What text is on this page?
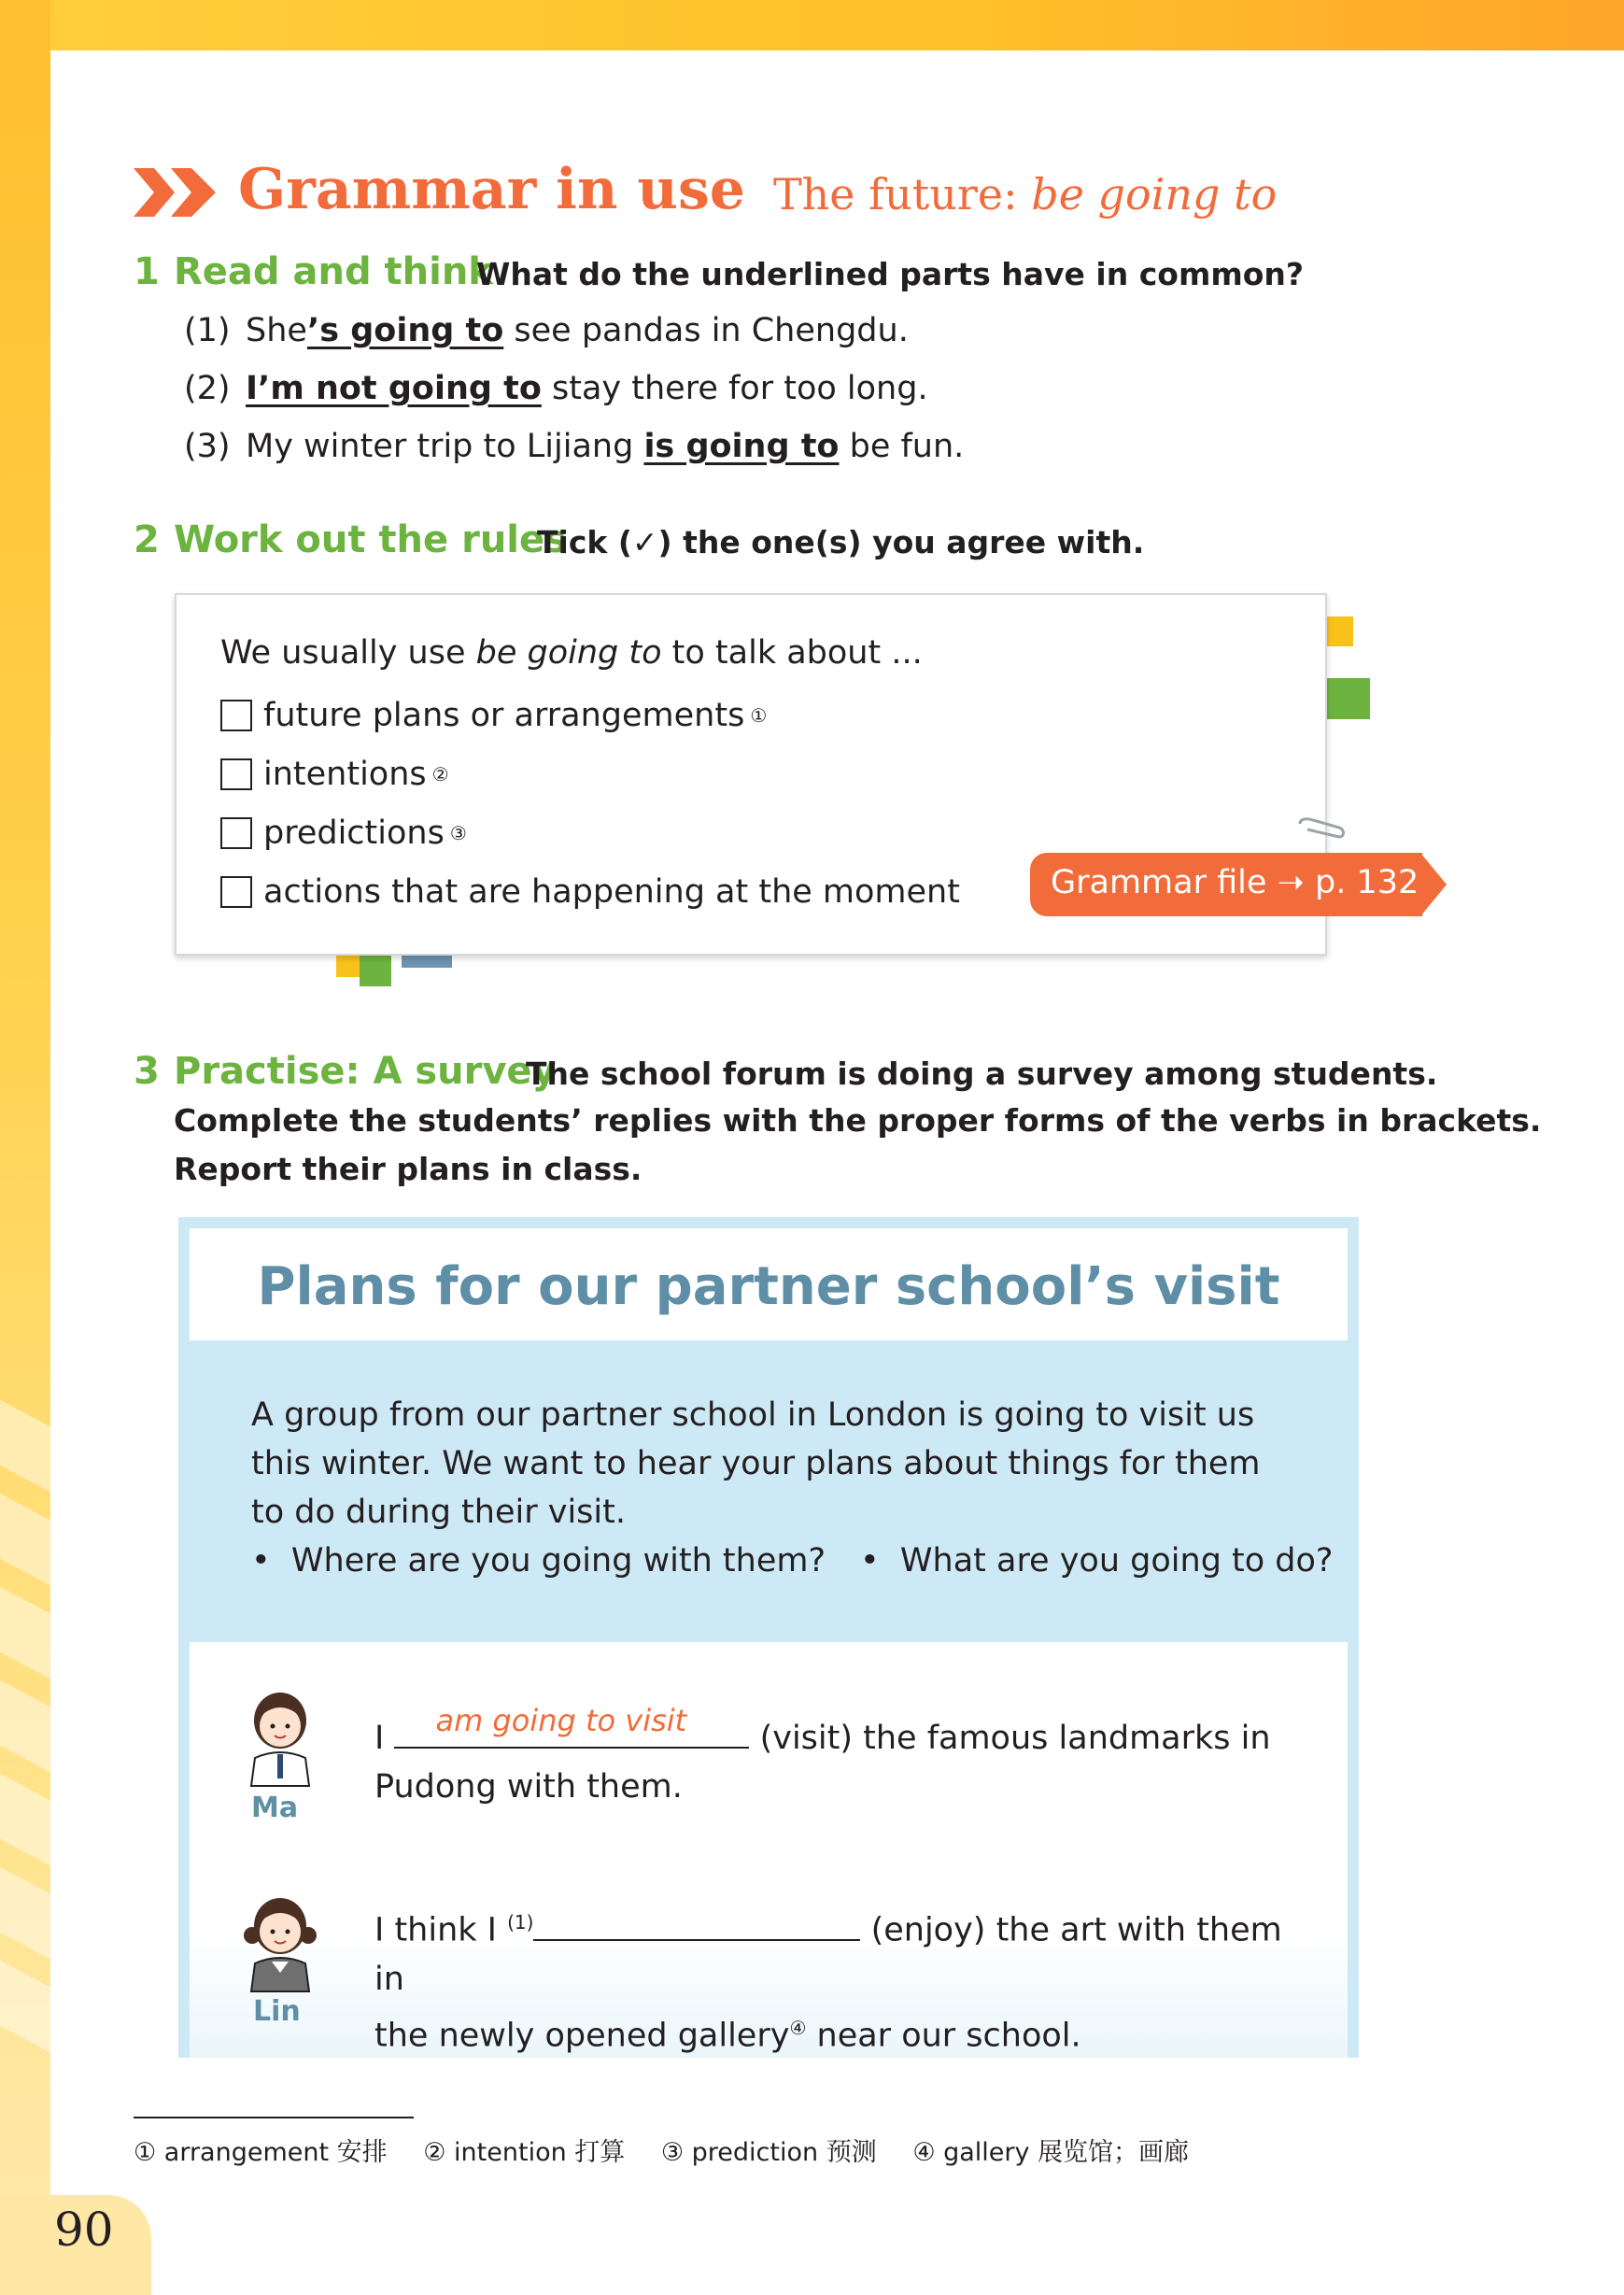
90
Grammar in use The future: be going to
1 Read and think
What do the underlined parts have in common?
(1) She’s going to see pandas in Chengdu.
(2) I’m not going to stay there for too long.
(3) My winter trip to Lijiang is going to be fun.
2 Work out the rules
Tick (✓) the one(s) you agree with.
We usually use be going to to talk about ...
future plans or arrangements ①
intentions ②
predictions ③
actions that are happening at the moment	Grammar file ➝ p. 132
3 Practise: A survey
The school forum is doing a survey among students.
Complete the students’ replies with the proper forms of the verbs in brackets.
Report their plans in class.
Plans for our partner school’s visit
A group from our partner school in London is going to visit us this winter. We want to hear your plans about things for them to do during their visit.
•  Where are you going with them? •  What are you going to do?
Ma
I am going to visit (visit) the famous landmarks in
Pudong with them.
Lin
I think I $^{(1)}$	(enjoy) the art with them in
the newly opened gallery④ near our school.
① arrangement 安排 ② intention 打算 ③ prediction 预测 ④ gallery 展览馆；画廊
